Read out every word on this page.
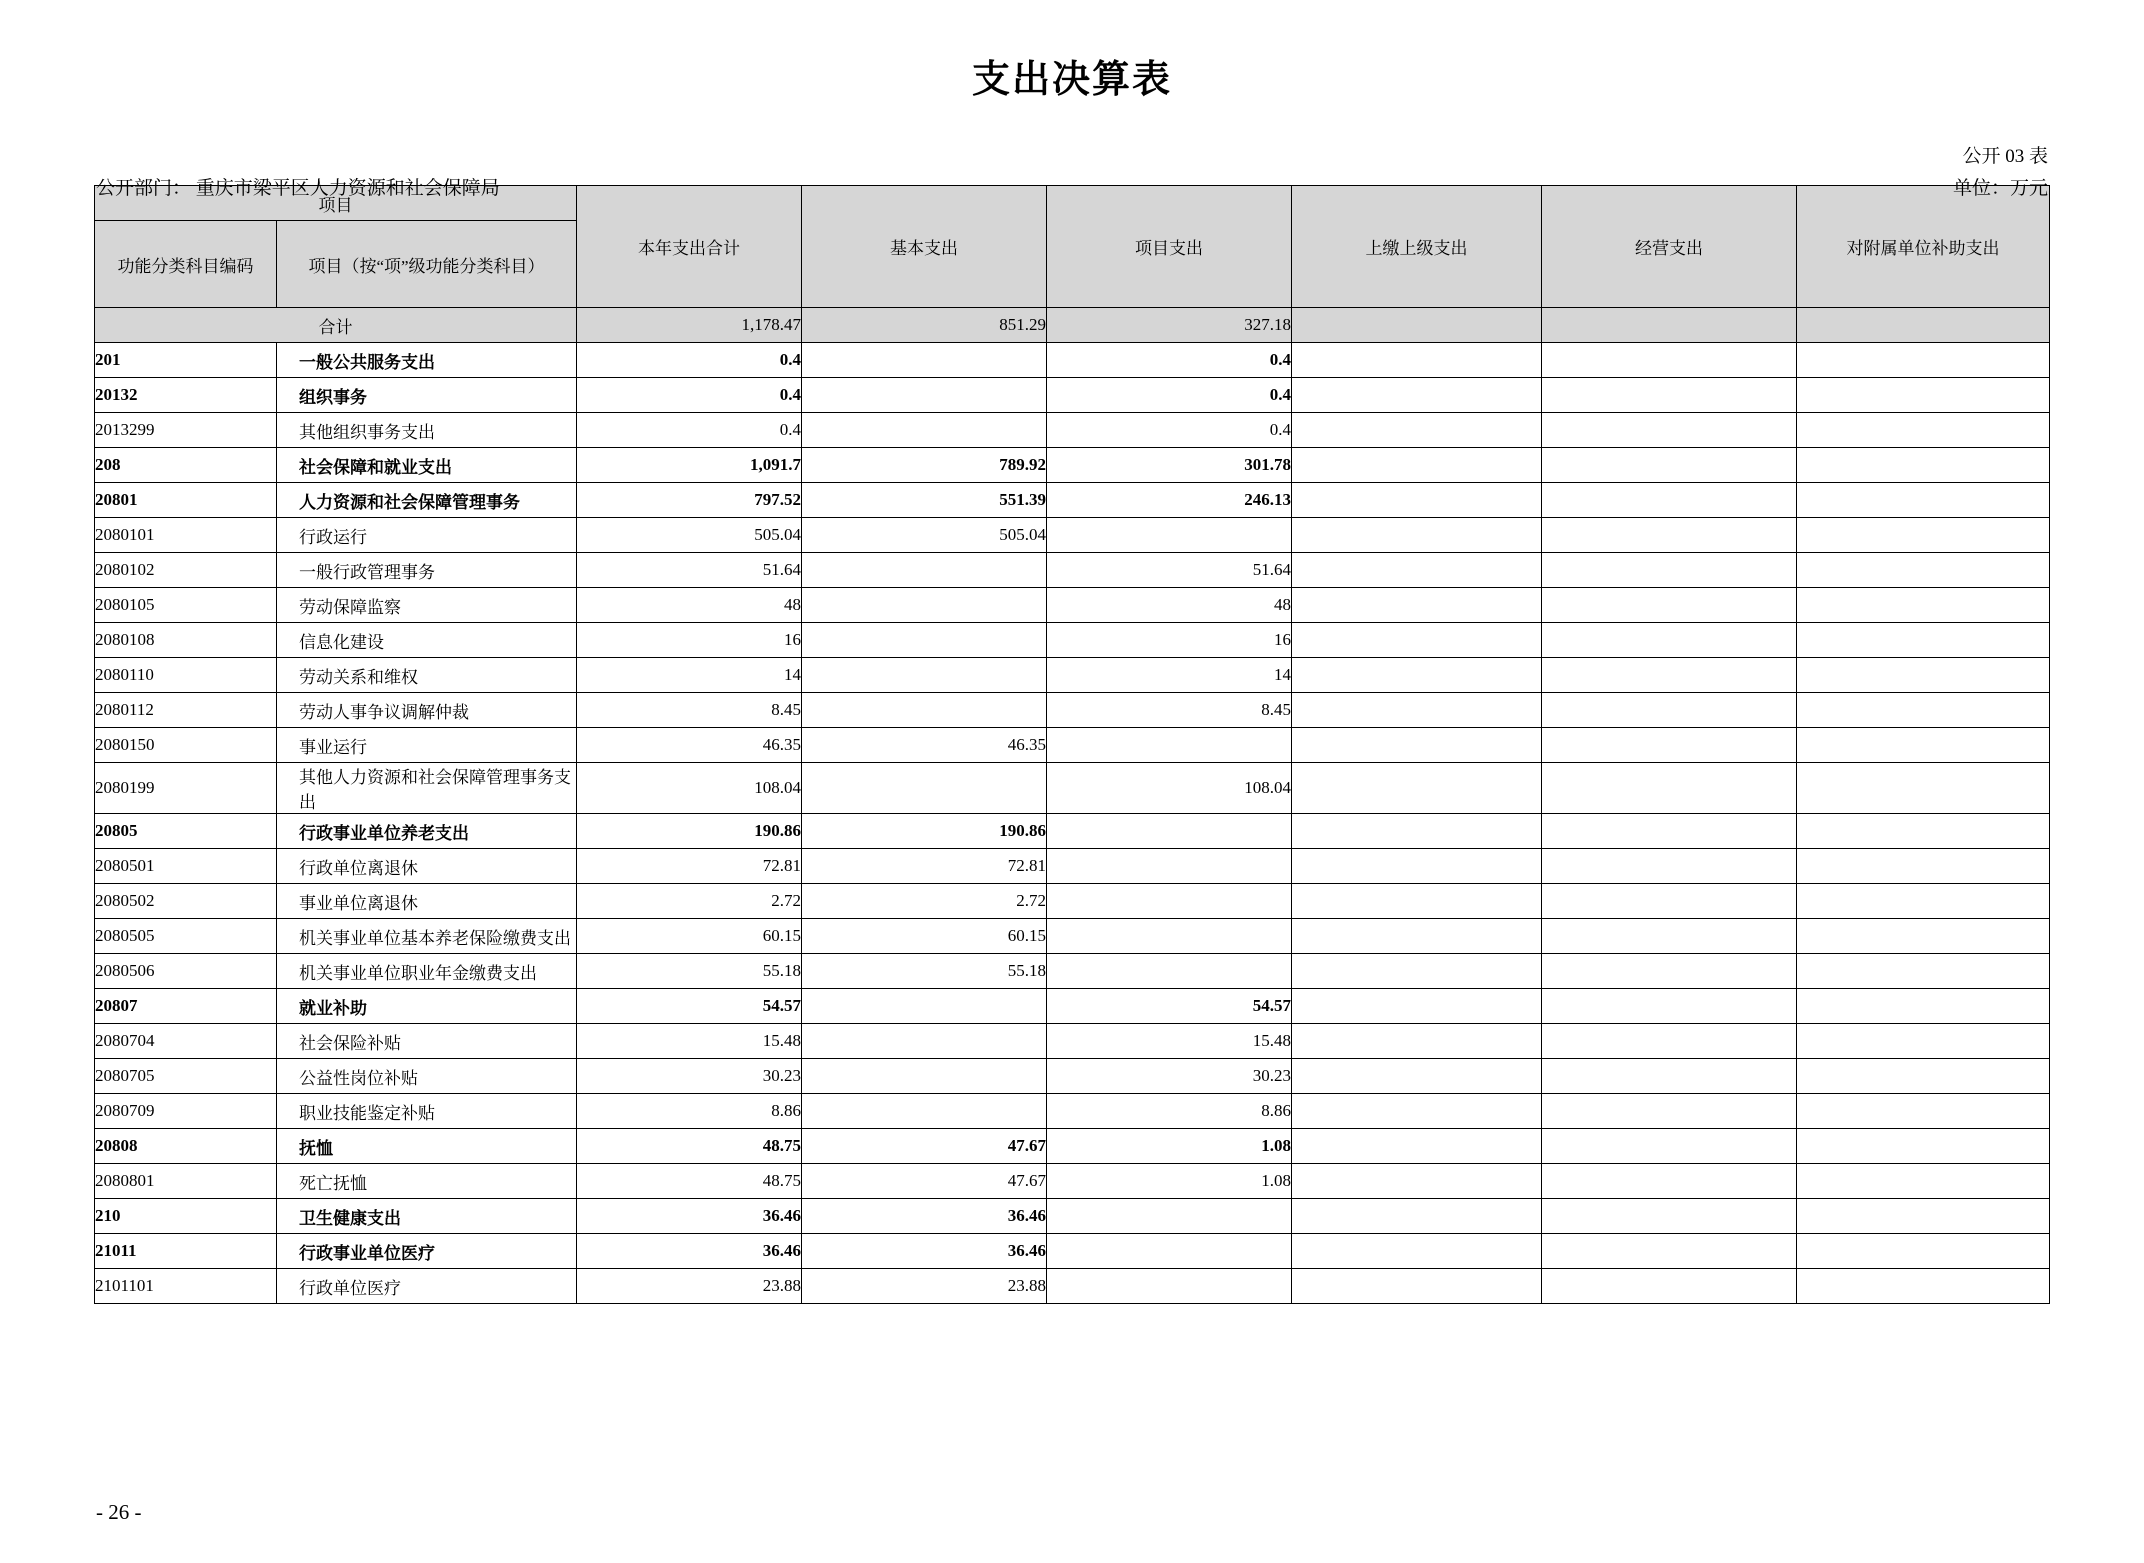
支出决算表
公开 03 表
公开部门： 重庆市梁平区人力资源和社会保障局	单位：万元
项目		本年支出合计	基本支出	项目支出	上缴上级支出	经营支出	对附属单位补助支出
功能分类科目编码	项目（按“项”级功能分类科目）						
合计		1,178.47	851.29	327.18			
201	一般公共服务支出	0.4		0.4			
20132	组织事务	0.4		0.4			
2013299	其他组织事务支出	0.4		0.4			
208	社会保障和就业支出	1,091.7	789.92	301.78			
20801	人力资源和社会保障管理事务	797.52	551.39	246.13			
2080101	行政运行	505.04	505.04				
2080102	一般行政管理事务	51.64		51.64			
2080105	劳动保障监察	48		48			
2080108	信息化建设	16		16			
2080110	劳动关系和维权	14		14			
2080112	劳动人事争议调解仲裁	8.45		8.45			
2080150	事业运行	46.35	46.35				
2080199	其他人力资源和社会保障管理事务支出	108.04		108.04			
20805	行政事业单位养老支出	190.86	190.86				
2080501	行政单位离退休	72.81	72.81				
2080502	事业单位离退休	2.72	2.72				
2080505	机关事业单位基本养老保险缴费支出	60.15	60.15				
2080506	机关事业单位职业年金缴费支出	55.18	55.18				
20807	就业补助	54.57		54.57			
2080704	社会保险补贴	15.48		15.48			
2080705	公益性岗位补贴	30.23		30.23			
2080709	职业技能鉴定补贴	8.86		8.86			
20808	抚恤	48.75	47.67	1.08			
2080801	死亡抚恤	48.75	47.67	1.08			
210	卫生健康支出	36.46	36.46				
21011	行政事业单位医疗	36.46	36.46				
2101101	行政单位医疗	23.88	23.88				
- 26 -
